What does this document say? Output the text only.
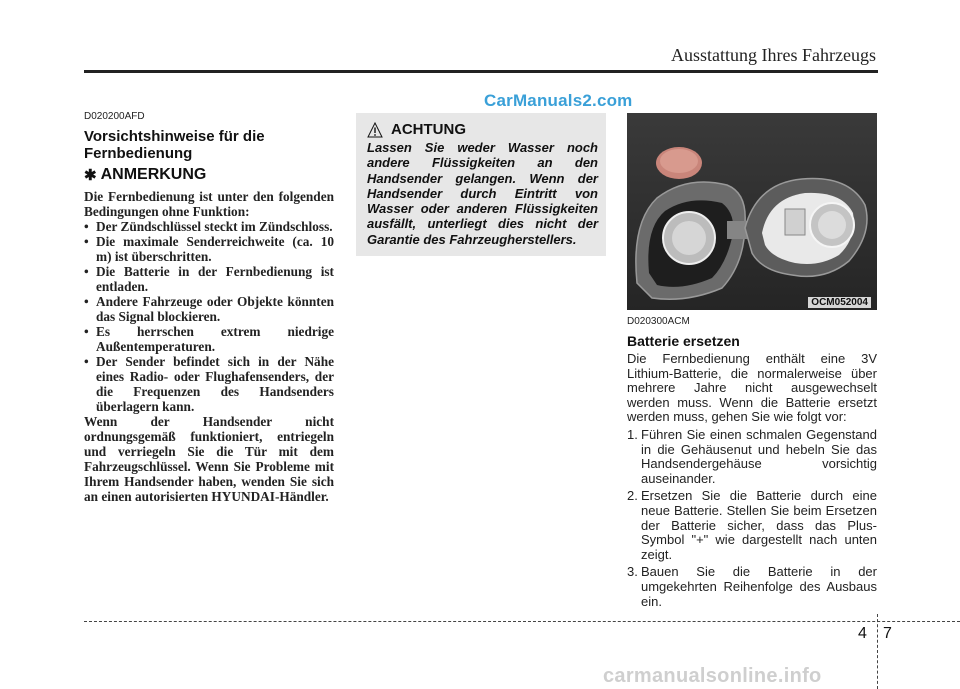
Ausstattung Ihres Fahrzeugs
CarManuals2.com
D020200AFD
Vorsichtshinweise für die Fernbedienung
✱ ANMERKUNG

Die Fernbedienung ist unter den folgenden Bedingungen ohne Funktion:

• Der Zündschlüssel steckt im Zündschloss.
• Die maximale Senderreichweite (ca. 10 m) ist überschritten.
• Die Batterie in der Fernbedienung ist entladen.
• Andere Fahrzeuge oder Objekte könnten das Signal blockieren.
• Es herrschen extrem niedrige Außentemperaturen.
• Der Sender befindet sich in der Nähe eines Radio- oder Flughafensenders, der die Frequenzen des Handsenders überlagern kann.

Wenn der Handsender nicht ordnungsgemäß funktioniert, entriegeln und verriegeln Sie die Tür mit dem Fahrzeugschlüssel. Wenn Sie Probleme mit Ihrem Handsender haben, wenden Sie sich an einen autorisierten HYUNDAI-Händler.

ACHTUNG
Lassen Sie weder Wasser noch andere Flüssigkeiten an den Handsender gelangen. Wenn der Handsender durch Eintritt von Wasser oder anderen Flüssigkeiten ausfällt, unterliegt dies nicht der Garantie des Fahrzeugherstellers.
OCM052004
D020300ACM
Batterie ersetzen

Die Fernbedienung enthält eine 3V Lithium-Batterie, die normalerweise über mehrere Jahre nicht ausgewechselt werden muss. Wenn die Batterie ersetzt werden muss, gehen Sie wie folgt vor:

1. Führen Sie einen schmalen Gegenstand in die Gehäusenut und hebeln Sie das Handsendergehäuse vorsichtig auseinander.
2. Ersetzen Sie die Batterie durch eine neue Batterie. Stellen Sie beim Ersetzen der Batterie sicher, dass das Plus-Symbol "+" wie dargestellt nach unten zeigt.
3. Bauen Sie die Batterie in der umgekehrten Reihenfolge des Ausbaus ein.
4 7
carmanualsonline.info
